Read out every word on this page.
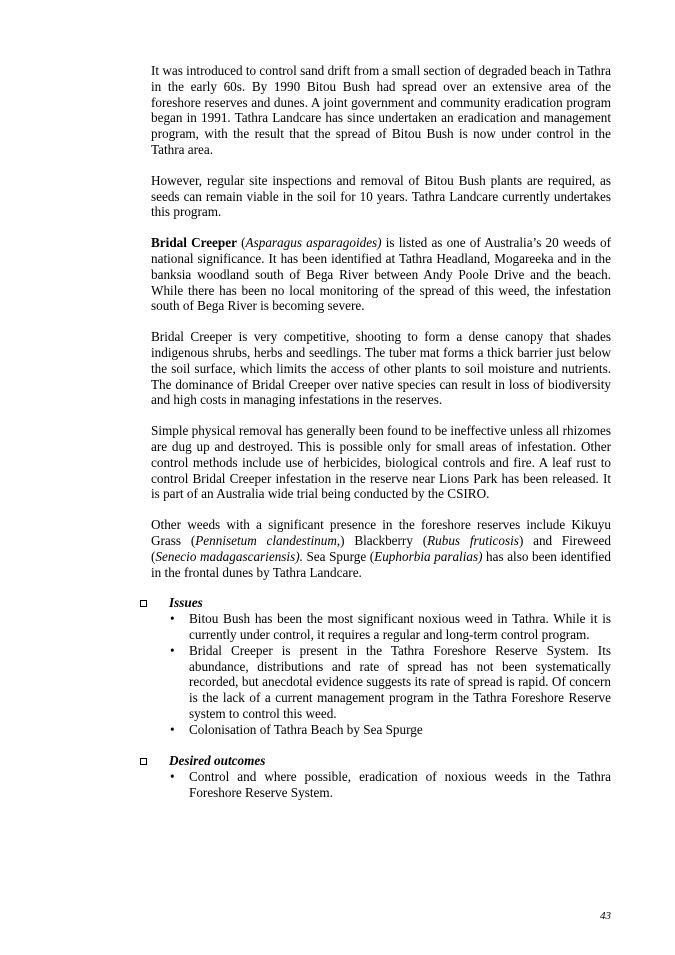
It was introduced to control sand drift from a small section of degraded beach in Tathra in the early 60s. By 1990 Bitou Bush had spread over an extensive area of the foreshore reserves and dunes. A joint government and community eradication program began in 1991. Tathra Landcare has since undertaken an eradication and management program, with the result that the spread of Bitou Bush is now under control in the Tathra area.

However, regular site inspections and removal of Bitou Bush plants are required, as seeds can remain viable in the soil for 10 years. Tathra Landcare currently undertakes this program.

Bridal Creeper (Asparagus asparagoides) is listed as one of Australia’s 20 weeds of national significance. It has been identified at Tathra Headland, Mogareeka and in the banksia woodland south of Bega River between Andy Poole Drive and the beach. While there has been no local monitoring of the spread of this weed, the infestation south of Bega River is becoming severe.

Bridal Creeper is very competitive, shooting to form a dense canopy that shades indigenous shrubs, herbs and seedlings. The tuber mat forms a thick barrier just below the soil surface, which limits the access of other plants to soil moisture and nutrients. The dominance of Bridal Creeper over native species can result in loss of biodiversity and high costs in managing infestations in the reserves.

Simple physical removal has generally been found to be ineffective unless all rhizomes are dug up and destroyed. This is possible only for small areas of infestation. Other control methods include use of herbicides, biological controls and fire. A leaf rust to control Bridal Creeper infestation in the reserve near Lions Park has been released. It is part of an Australia wide trial being conducted by the CSIRO.

Other weeds with a significant presence in the foreshore reserves include Kikuyu Grass (Pennisetum clandestinum,) Blackberry (Rubus fruticosis) and Fireweed (Senecio madagascariensis). Sea Spurge (Euphorbia paralias) has also been identified in the frontal dunes by Tathra Landcare.

Issues
• Bitou Bush has been the most significant noxious weed in Tathra. While it is currently under control, it requires a regular and long-term control program.
• Bridal Creeper is present in the Tathra Foreshore Reserve System. Its abundance, distributions and rate of spread has not been systematically recorded, but anecdotal evidence suggests its rate of spread is rapid. Of concern is the lack of a current management program in the Tathra Foreshore Reserve system to control this weed.
• Colonisation of Tathra Beach by Sea Spurge
Desired outcomes
• Control and where possible, eradication of noxious weeds in the Tathra Foreshore Reserve System.
43
